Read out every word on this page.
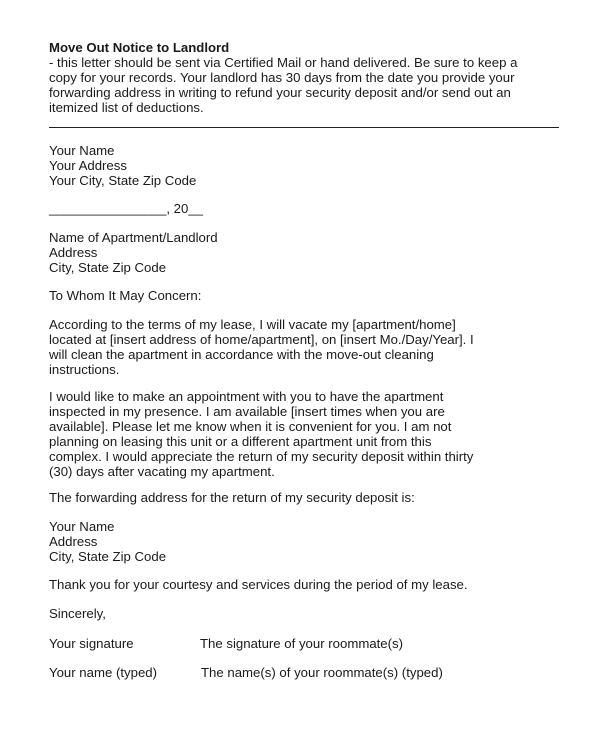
Move Out Notice to Landlord
- this letter should be sent via Certified Mail or hand delivered. Be sure to keep a
copy for your records. Your landlord has 30 days from the date you provide your
forwarding address in writing to refund your security deposit and/or send out an
itemized list of deductions.
Your Name
Your Address
Your City, State Zip Code
________________, 20__
Name of Apartment/Landlord
Address
City, State Zip Code
To Whom It May Concern:
According to the terms of my lease, I will vacate my [apartment/home]
located at [insert address of home/apartment], on [insert Mo./Day/Year]. I
will clean the apartment in accordance with the move-out cleaning
instructions.
I would like to make an appointment with you to have the apartment
inspected in my presence. I am available [insert times when you are
available]. Please let me know when it is convenient for you. I am not
planning on leasing this unit or a different apartment unit from this
complex. I would appreciate the return of my security deposit within thirty
(30) days after vacating my apartment.
The forwarding address for the return of my security deposit is:
Your Name
Address
City, State Zip Code
Thank you for your courtesy and services during the period of my lease.
Sincerely,
Your signature	The signature of your roommate(s)
Your name (typed)	The name(s) of your roommate(s) (typed)
